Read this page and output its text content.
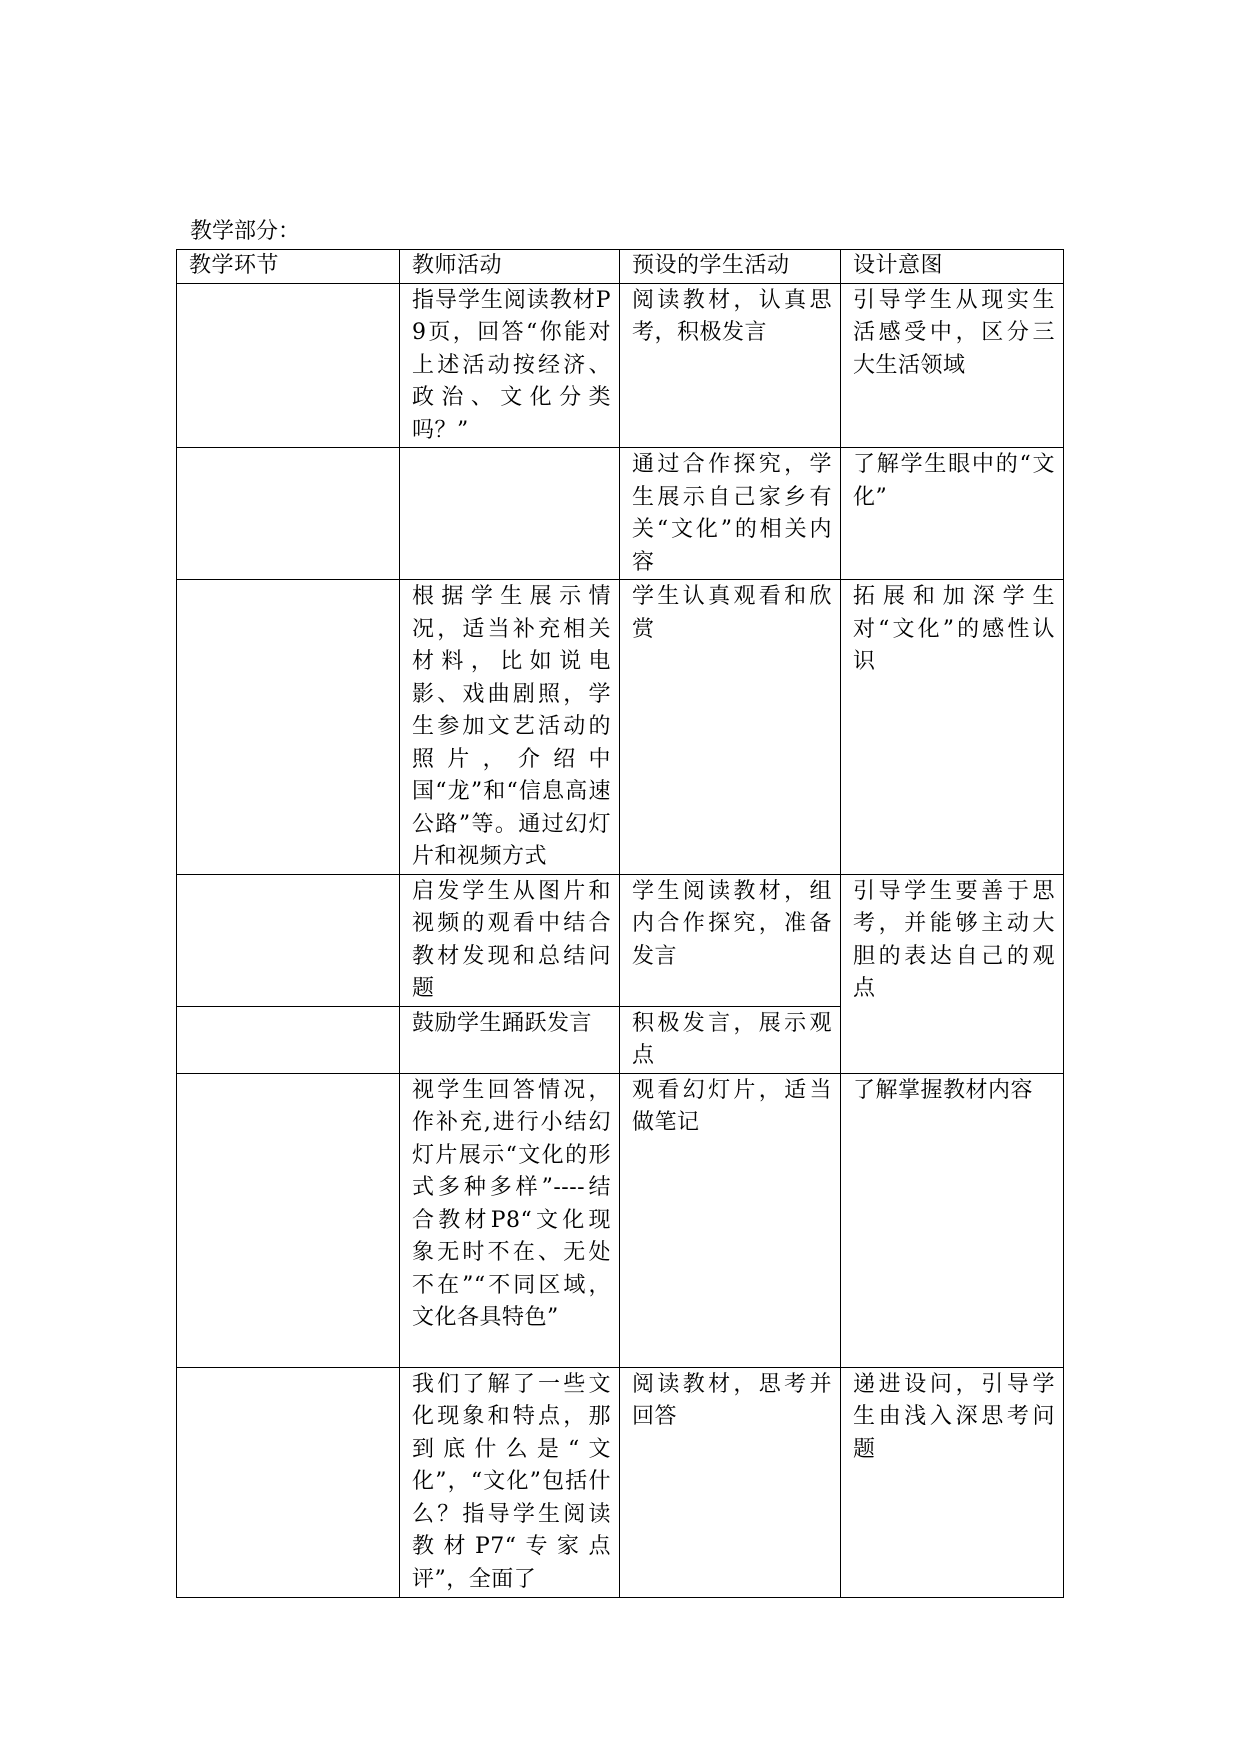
教学部分：
教学环节	教师活动	预设的学生活动	设计意图
	指导学生阅读教材P9页，回答“你能对上述活动按经济、政治、文化分类吗？”	阅读教材，认真思考，积极发言	引导学生从现实生活感受中，区分三大生活领域
		通过合作探究，学生展示自己家乡有关“文化”的相关内容	了解学生眼中的“文化”
	根据学生展示情况，适当补充相关材料，比如说电影、戏曲剧照，学生参加文艺活动的照片，介绍中国“龙”和“信息高速公路”等。通过幻灯片和视频方式	学生认真观看和欣赏	拓展和加深学生对“文化”的感性认识
	启发学生从图片和视频的观看中结合教材发现和总结问题	学生阅读教材，组内合作探究，准备发言	引导学生要善于思考，并能够主动大胆的表达自己的观点
	鼓励学生踊跃发言	积极发言，展示观点	
	视学生回答情况，作补充,进行小结幻灯片展示“文化的形式多种多样”----结合教材P8“文化现象无时不在、无处不在”“不同区域，文化各具特色”	观看幻灯片，适当做笔记	了解掌握教材内容
	我们了解了一些文化现象和特点，那到底什么是“文化”，“文化”包括什么？指导学生阅读教材P7“专家点评”，全面了	阅读教材，思考并回答	递进设问，引导学生由浅入深思考问题
